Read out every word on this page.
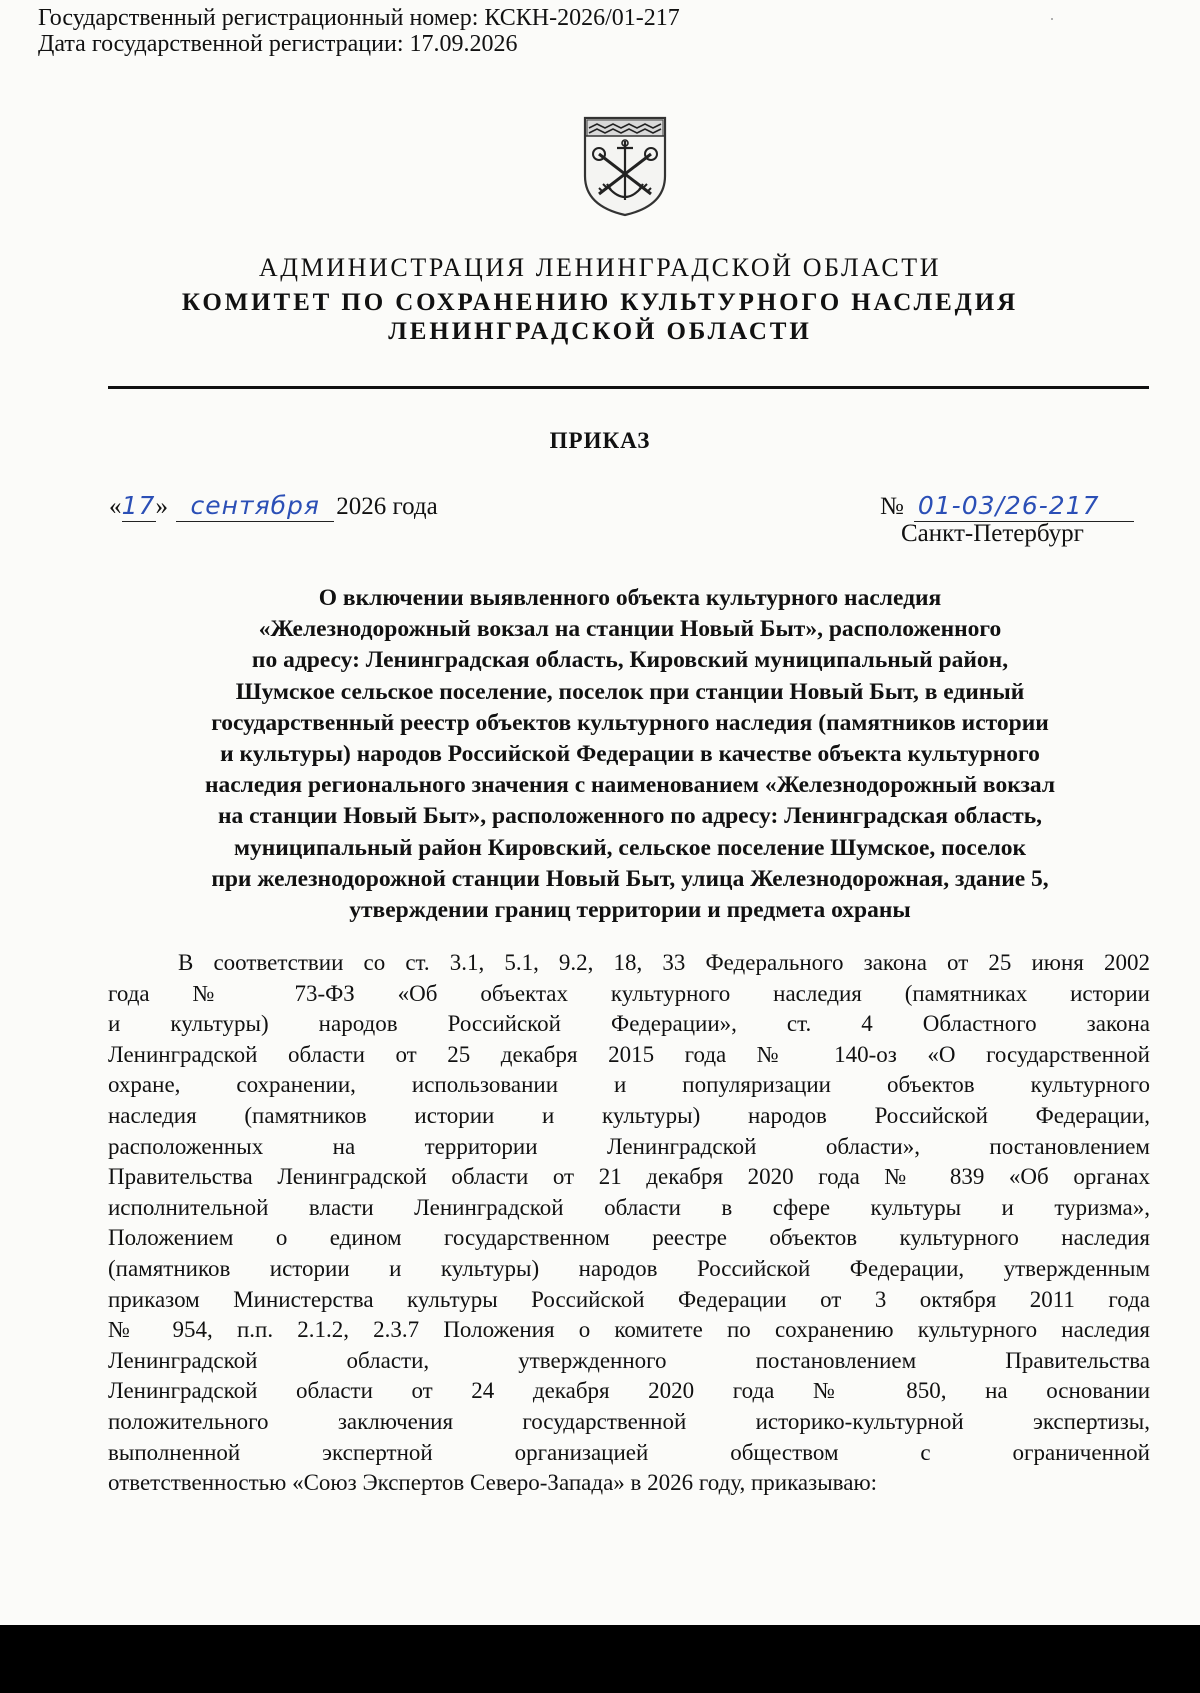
Государственный регистрационный номер: КСКН-2026/01-217
Дата государственной регистрации: 17.09.2026
АДМИНИСТРАЦИЯ ЛЕНИНГРАДСКОЙ ОБЛАСТИ
КОМИТЕТ ПО СОХРАНЕНИЮ КУЛЬТУРНОГО НАСЛЕДИЯ
ЛЕНИНГРАДСКОЙ ОБЛАСТИ
ПРИКАЗ
«17» сентября 2026 года	№ 01-03/26-217
Санкт-Петербург
О включении выявленного объекта культурного наследия
«Железнодорожный вокзал на станции Новый Быт», расположенного
по адресу: Ленинградская область, Кировский муниципальный район,
Шумское сельское поселение, поселок при станции Новый Быт, в единый
государственный реестр объектов культурного наследия (памятников истории
и культуры) народов Российской Федерации в качестве объекта культурного
наследия регионального значения с наименованием «Железнодорожный вокзал
на станции Новый Быт», расположенного по адресу: Ленинградская область,
муниципальный район Кировский, сельское поселение Шумское, поселок
при железнодорожной станции Новый Быт, улица Железнодорожная, здание 5,
утверждении границ территории и предмета охраны
В соответствии со ст. 3.1, 5.1, 9.2, 18, 33 Федерального закона от 25 июня 2002
года № 73-ФЗ «Об объектах культурного наследия (памятниках истории
и культуры) народов Российской Федерации», ст. 4 Областного закона
Ленинградской области от 25 декабря 2015 года № 140-оз «О государственной
охране, сохранении, использовании и популяризации объектов культурного
наследия (памятников истории и культуры) народов Российской Федерации,
расположенных на территории Ленинградской области», постановлением
Правительства Ленинградской области от 21 декабря 2020 года № 839 «Об органах
исполнительной власти Ленинградской области в сфере культуры и туризма»,
Положением о едином государственном реестре объектов культурного наследия
(памятников истории и культуры) народов Российской Федерации, утвержденным
приказом Министерства культуры Российской Федерации от 3 октября 2011 года
№ 954, п.п. 2.1.2, 2.3.7 Положения о комитете по сохранению культурного наследия
Ленинградской области, утвержденного постановлением Правительства
Ленинградской области от 24 декабря 2020 года № 850, на основании
положительного заключения государственной историко-культурной экспертизы,
выполненной экспертной организацией обществом с ограниченной
ответственностью «Союз Экспертов Северо-Запада» в 2026 году, приказываю:
